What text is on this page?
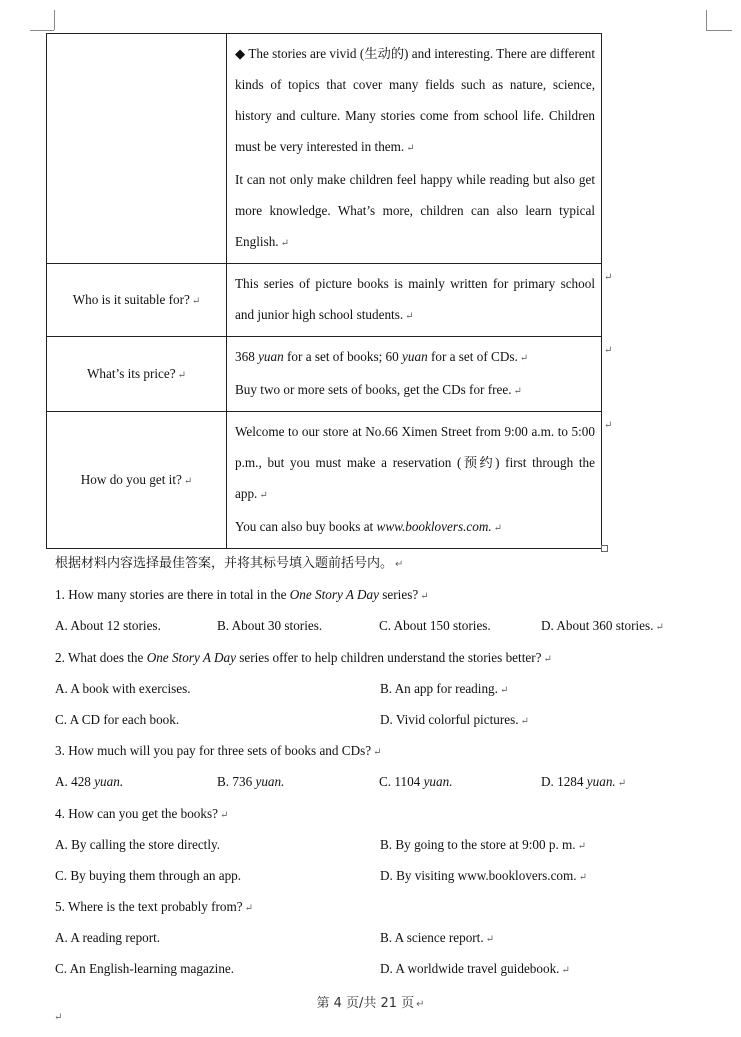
	◆ The stories are vivid (生动的) and interesting. There are different kinds of topics that cover many fields such as nature, science, history and culture. Many stories come from school life. Children must be very interested in them. ↵

It can not only make children feel happy while reading but also get more knowledge. What’s more, children can also learn typical English. ↵

Who is it suitable for? ↵	This series of picture books is mainly written for primary school and junior high school students. ↵

What’s its price? ↵	368 yuan for a set of books; 60 yuan for a set of CDs. ↵

Buy two or more sets of books, get the CDs for free. ↵

How do you get it? ↵	Welcome to our store at No.66 Ximen Street from 9:00 a.m. to 5:00 p.m., but you must make a reservation (预约) first through the app. ↵

You can also buy books at www.booklovers.com. ↵

↵
↵
↵
根据材料内容选择最佳答案，并将其标号填入题前括号内。 ↵
1. How many stories are there in total in the One Story A Day series? ↵
A. About 12 stories.	B. About 30 stories.	C. About 150 stories.	D. About 360 stories. ↵
2. What does the One Story A Day series offer to help children understand the stories better? ↵
A. A book with exercises.	B. An app for reading. ↵
C. A CD for each book.	D. Vivid colorful pictures. ↵
3. How much will you pay for three sets of books and CDs? ↵
A. 428 yuan.	B. 736 yuan.	C. 1104 yuan.	D. 1284 yuan. ↵
4. How can you get the books? ↵
A. By calling the store directly.	B. By going to the store at 9:00 p. m. ↵
C. By buying them through an app.	D. By visiting www.booklovers.com. ↵
5. Where is the text probably from? ↵
A. A reading report.	B. A science report. ↵
C. An English-learning magazine.	D. A worldwide travel guidebook. ↵
第 4 页/共 21 页 ↵
↵
